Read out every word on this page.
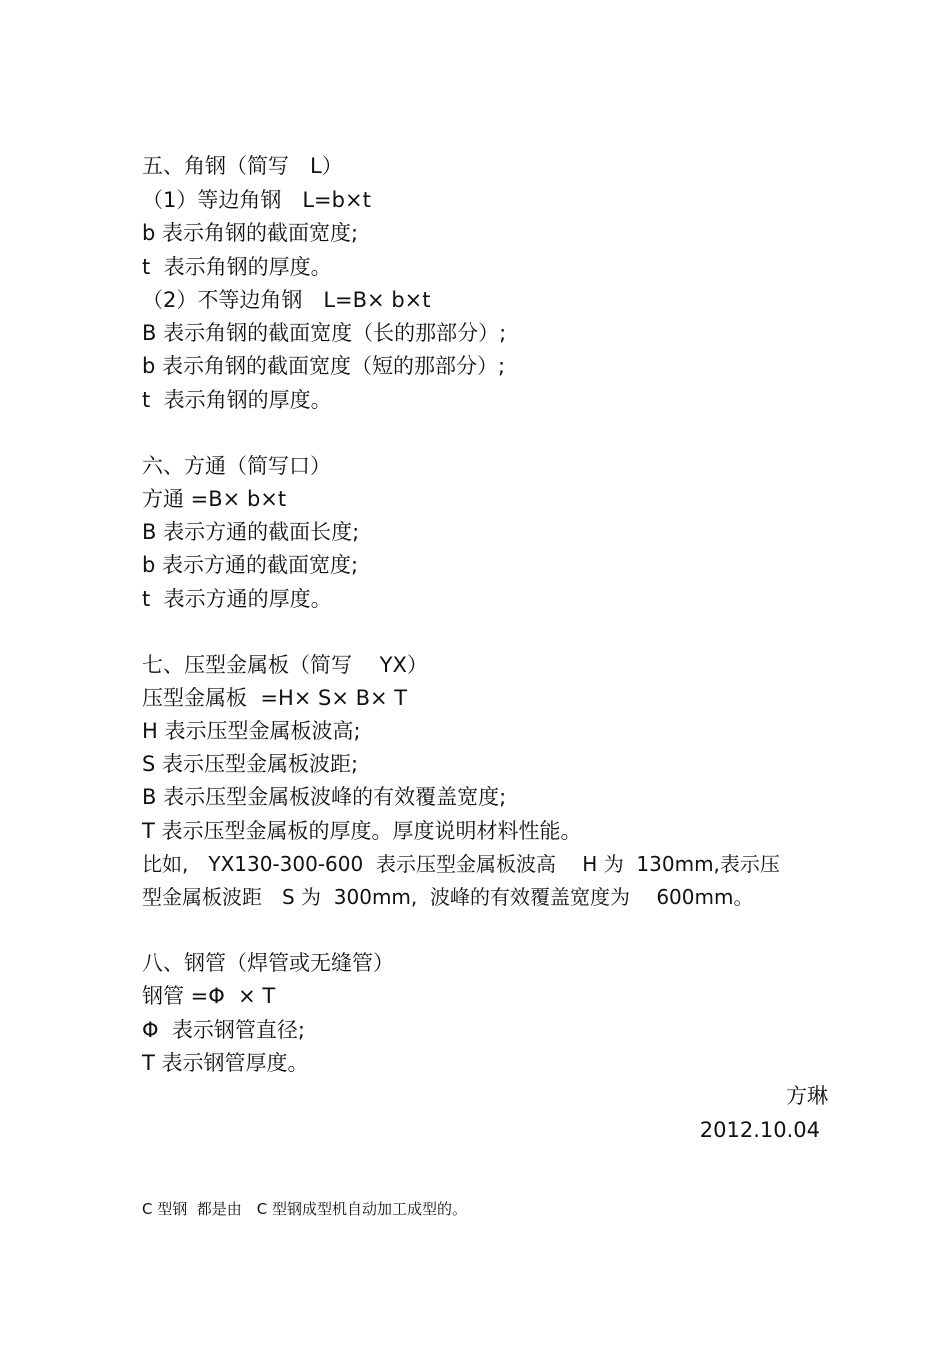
五、角钢（简写　L）
（1）等边角钢　L=b×t
b 表示角钢的截面宽度;
t  表示角钢的厚度。
（2）不等边角钢　L=B× b×t
B 表示角钢的截面宽度（长的那部分）;
b 表示角钢的截面宽度（短的那部分）;
t  表示角钢的厚度。
六、方通（简写口）
方通 =B× b×t
B 表示方通的截面长度;
b 表示方通的截面宽度;
t  表示方通的厚度。
七、压型金属板（简写　 YX）
压型金属板  =H× S× B× T
H 表示压型金属板波高;
S 表示压型金属板波距;
B 表示压型金属板波峰的有效覆盖宽度;
T 表示压型金属板的厚度。厚度说明材料性能。
比如,　YX130-300-600  表示压型金属板波高　 H 为  130mm,表示压
型金属板波距　S 为  300mm,  波峰的有效覆盖宽度为　 600mm。
八、钢管（焊管或无缝管）
钢管 =Φ  × T
Φ  表示钢管直径;
T 表示钢管厚度。
方琳
2012.10.04
C 型钢  都是由　C 型钢成型机自动加工成型的。
